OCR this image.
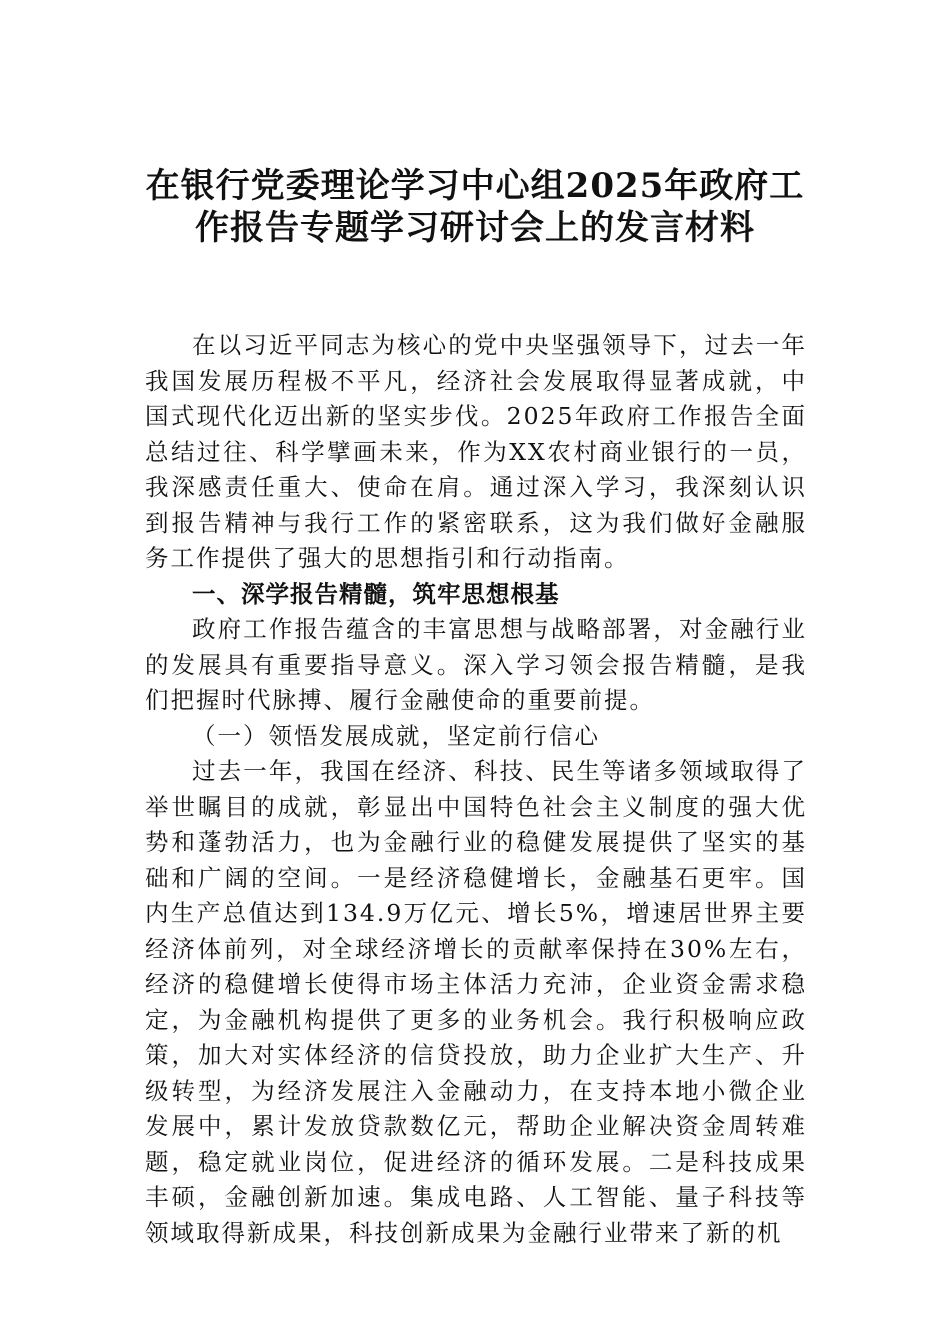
在银行党委理论学习中心组2025年政府工
作报告专题学习研讨会上的发言材料

在以习近平同志为核心的党中央坚强领导下，过去一年我国发展历程极不平凡，经济社会发展取得显著成就，中国式现代化迈出新的坚实步伐。2025年政府工作报告全面总结过往、科学擘画未来，作为XX农村商业银行的一员，我深感责任重大、使命在肩。通过深入学习，我深刻认识到报告精神与我行工作的紧密联系，这为我们做好金融服务工作提供了强大的思想指引和行动指南。

一、深学报告精髓，筑牢思想根基

政府工作报告蕴含的丰富思想与战略部署，对金融行业的发展具有重要指导意义。深入学习领会报告精髓，是我们把握时代脉搏、履行金融使命的重要前提。

（一）领悟发展成就，坚定前行信心

过去一年，我国在经济、科技、民生等诸多领域取得了举世瞩目的成就，彰显出中国特色社会主义制度的强大优势和蓬勃活力，也为金融行业的稳健发展提供了坚实的基础和广阔的空间。一是经济稳健增长，金融基石更牢。国内生产总值达到134.9万亿元、增长5%，增速居世界主要经济体前列，对全球经济增长的贡献率保持在30%左右，经济的稳健增长使得市场主体活力充沛，企业资金需求稳定，为金融机构提供了更多的业务机会。我行积极响应政策，加大对实体经济的信贷投放，助力企业扩大生产、升级转型，为经济发展注入金融动力，在支持本地小微企业发展中，累计发放贷款数亿元，帮助企业解决资金周转难题，稳定就业岗位，促进经济的循环发展。二是科技成果丰硕，金融创新加速。集成电路、人工智能、量子科技等领域取得新成果，科技创新成果为金融行业带来了新的机
